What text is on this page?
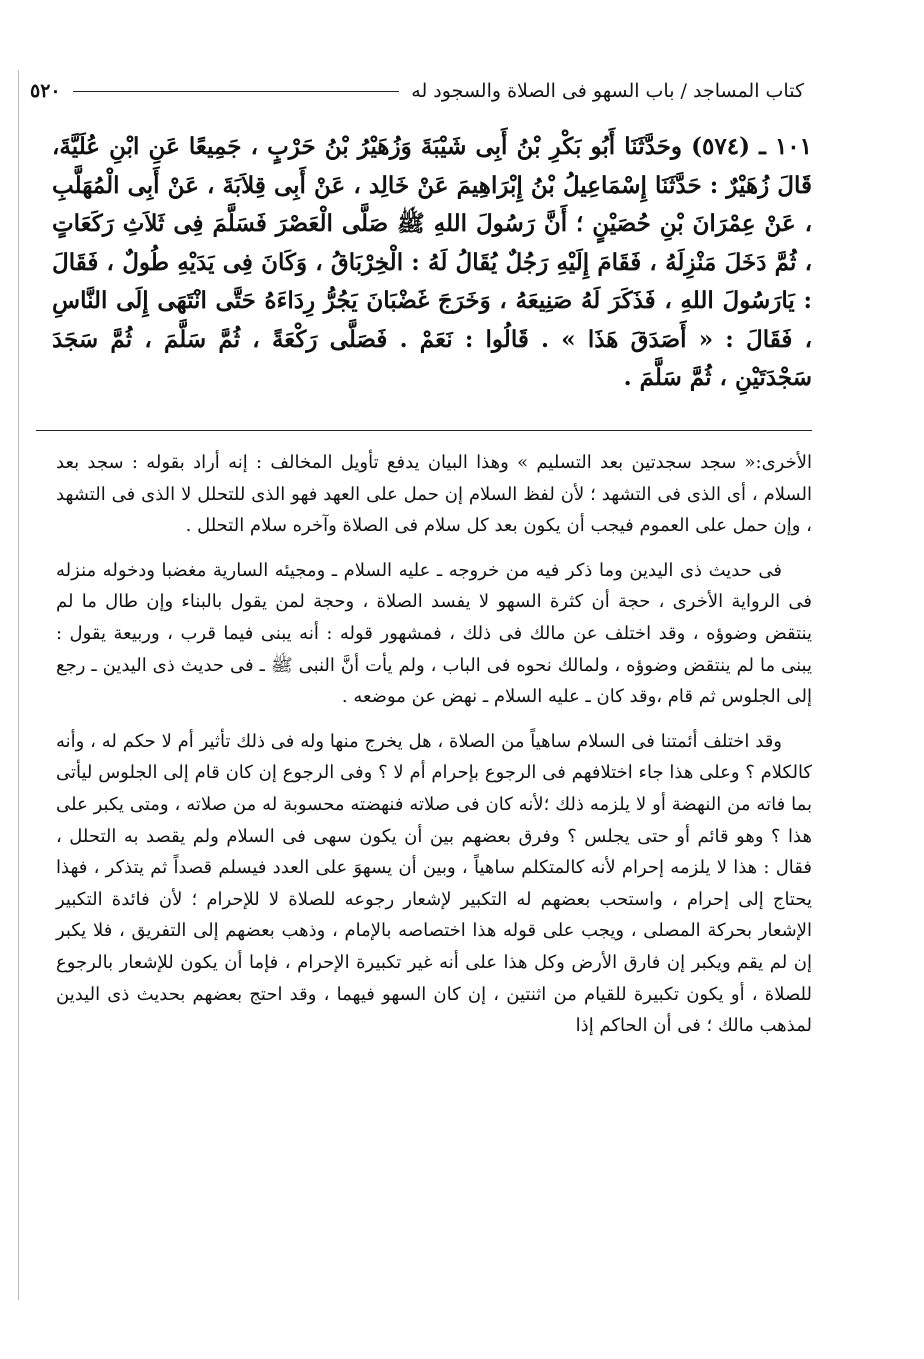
كتاب المساجد / باب السهو فى الصلاة والسجود له
٥٢٠

١٠١ ـ (٥٧٤) وحَدَّثَنَا أَبُو بَكْرِ بْنُ أَبِى شَيْبَةَ وَزُهَيْرُ بْنُ حَرْبٍ ، جَمِيعًا عَنِ ابْنِ عُلَيَّةَ، قَالَ زُهَيْرٌ : حَدَّثَنَا إِسْمَاعِيلُ بْنُ إِبْرَاهِيمَ عَنْ خَالِد ، عَنْ أَبِى قِلاَبَةَ ، عَنْ أَبِى الْمُهَلَّبِ ، عَنْ عِمْرَانَ بْنِ حُصَيْنٍ ؛ أَنَّ رَسُولَ اللهِ ﷺ صَلَّى الْعَصْرَ فَسَلَّمَ فِى ثَلاَثِ رَكَعَاتٍ ، ثُمَّ دَخَلَ مَنْزِلَهُ ، فَقَامَ إِلَيْهِ رَجُلٌ يُقَالُ لَهُ : الْخِرْبَاقُ ، وَكَانَ فِى يَدَيْهِ طُولٌ ، فَقَالَ : يَارَسُولَ اللهِ ، فَذَكَرَ لَهُ صَنِيعَهُ ، وَخَرَجَ غَضْبَانَ يَجُرُّ رِدَاءَهُ حَتَّى انْتَهَى إِلَى النَّاسِ ، فَقَالَ : « أَصَدَقَ هَذَا » . قَالُوا : نَعَمْ . فَصَلَّى رَكْعَةً ، ثُمَّ سَلَّمَ ، ثُمَّ سَجَدَ سَجْدَتَيْنِ ، ثُمَّ سَلَّمَ .

الأخرى:« سجد سجدتين بعد التسليم » وهذا البيان يدفع تأويل المخالف : إنه أراد بقوله : سجد بعد السلام ، أى الذى فى التشهد ؛ لأن لفظ السلام إن حمل على العهد فهو الذى للتحلل لا الذى فى التشهد ، وإن حمل على العموم فيجب أن يكون بعد كل سلام فى الصلاة وآخره سلام التحلل .

فى حديث ذى اليدين وما ذكر فيه من خروجه ـ عليه السلام ـ ومجيئه السارية مغضبا ودخوله منزله فى الرواية الأخرى ، حجة أن كثرة السهو لا يفسد الصلاة ، وحجة لمن يقول بالبناء وإن طال ما لم ينتقض وضوؤه ، وقد اختلف عن مالك فى ذلك ، فمشهور قوله : أنه يبنى فيما قرب ، وربيعة يقول : يبنى ما لم ينتقض وضوؤه ، ولمالك نحوه فى الباب ، ولم يأت أنَّ النبى ﷺ ـ فى حديث ذى اليدين ـ رجع إلى الجلوس ثم قام ،وقد كان ـ عليه السلام ـ نهض عن موضعه .

وقد اختلف أئمتنا فى السلام ساهياً من الصلاة ، هل يخرج منها وله فى ذلك تأثير أم لا حكم له ، وأنه كالكلام ؟ وعلى هذا جاء اختلافهم فى الرجوع بإحرام أم لا ؟ وفى الرجوع إن كان قام إلى الجلوس ليأتى بما فاته من النهضة أو لا يلزمه ذلك ؛لأنه كان فى صلاته فنهضته محسوبة له من صلاته ، ومتى يكبر على هذا ؟ وهو قائم أو حتى يجلس ؟ وفرق بعضهم بين أن يكون سهى فى السلام ولم يقصد به التحلل ، فقال : هذا لا يلزمه إحرام لأنه كالمتكلم ساهياً ، وبين أن يسهوَ على العدد فيسلم قصداً ثم يتذكر ، فهذا يحتاج إلى إحرام ، واستحب بعضهم له التكبير لإشعار رجوعه للصلاة لا للإحرام ؛ لأن فائدة التكبير الإشعار بحركة المصلى ، ويجب على قوله هذا اختصاصه بالإمام ، وذهب بعضهم إلى التفريق ، فلا يكبر إن لم يقم ويكبر إن فارق الأرض وكل هذا على أنه غير تكبيرة الإحرام ، فإما أن يكون للإشعار بالرجوع للصلاة ، أو يكون تكبيرة للقيام من اثنتين ، إن كان السهو فيهما ، وقد احتج بعضهم بحديث ذى اليدين لمذهب مالك ؛ فى أن الحاكم إذا
